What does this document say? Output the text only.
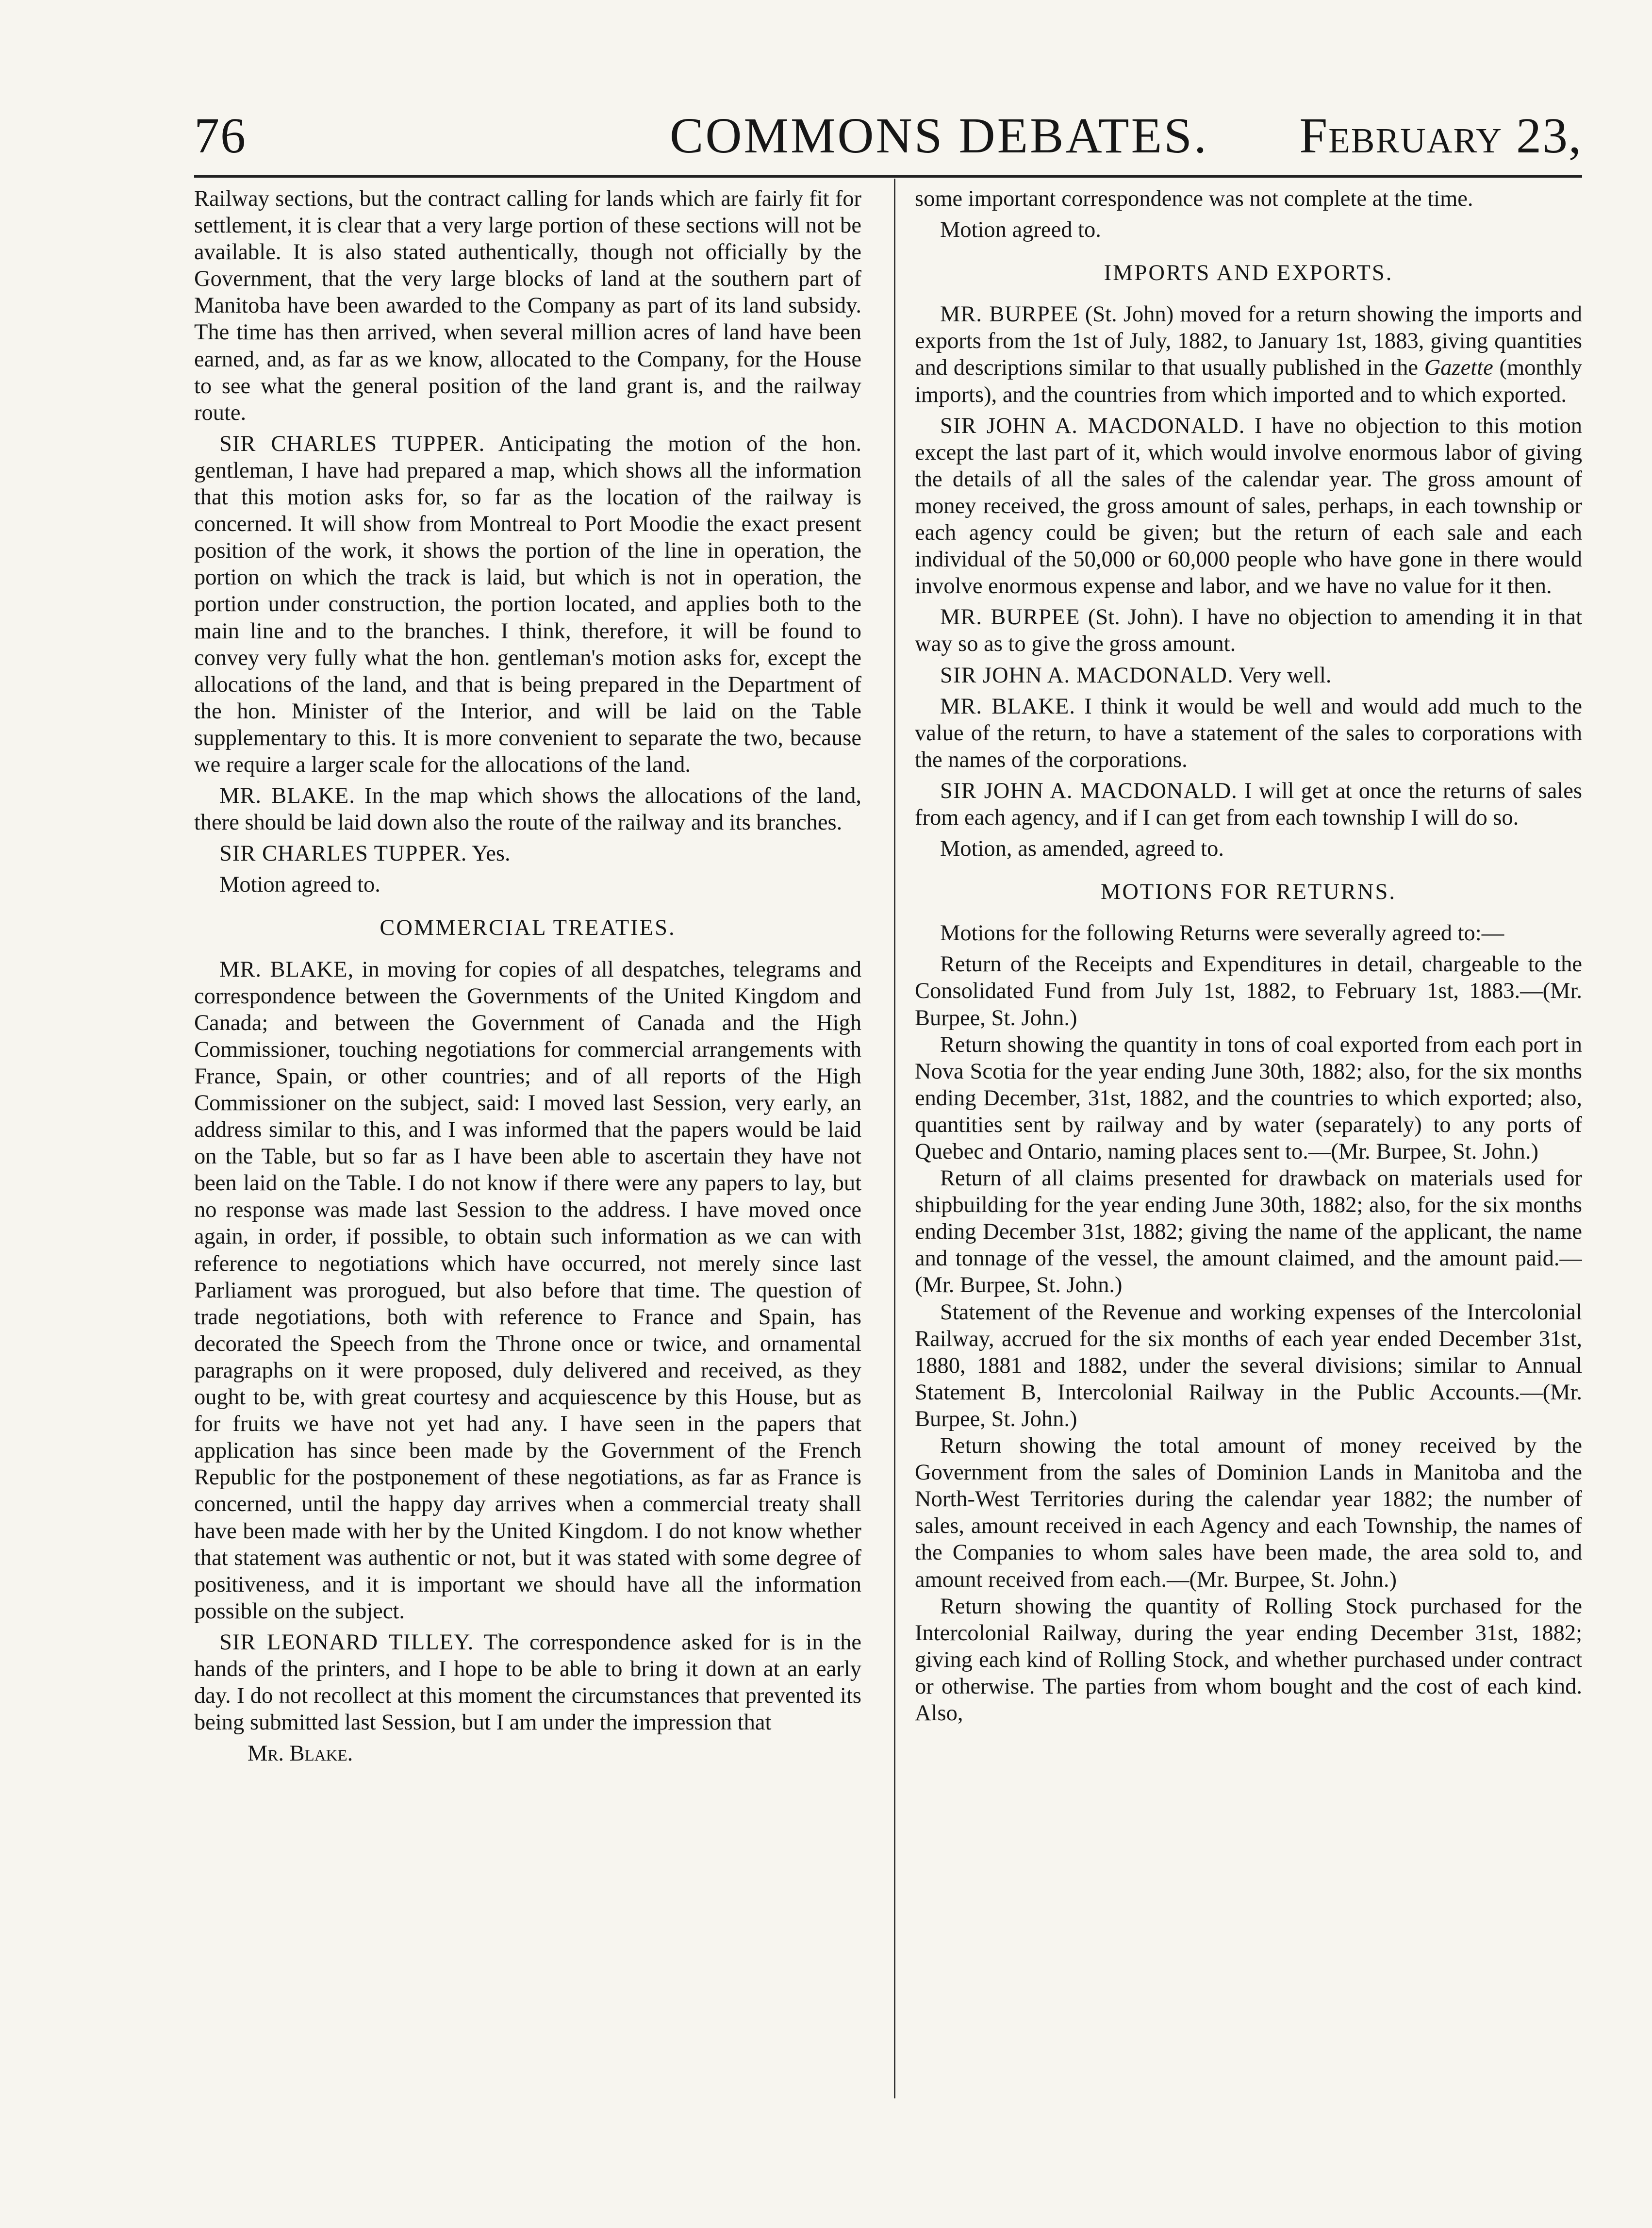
76	COMMONS DEBATES. February 23,

Railway sections, but the contract calling for lands which are fairly fit for settlement, it is clear that a very large portion of these sections will not be available. It is also stated authentically, though not officially by the Government, that the very large blocks of land at the southern part of Manitoba have been awarded to the Company as part of its land subsidy. The time has then arrived, when several million acres of land have been earned, and, as far as we know, allocated to the Company, for the House to see what the general position of the land grant is, and the railway route.

SIR CHARLES TUPPER. Anticipating the motion of the hon. gentleman, I have had prepared a map, which shows all the information that this motion asks for, so far as the location of the railway is concerned. It will show from Montreal to Port Moodie the exact present position of the work, it shows the portion of the line in operation, the portion on which the track is laid, but which is not in operation, the portion under construction, the portion located, and applies both to the main line and to the branches. I think, therefore, it will be found to convey very fully what the hon. gentleman's motion asks for, except the allocations of the land, and that is being prepared in the Department of the hon. Minister of the Interior, and will be laid on the Table supplementary to this. It is more convenient to separate the two, because we require a larger scale for the allocations of the land.

MR. BLAKE. In the map which shows the allocations of the land, there should be laid down also the route of the railway and its branches.

SIR CHARLES TUPPER. Yes.

Motion agreed to.

COMMERCIAL TREATIES.

MR. BLAKE, in moving for copies of all despatches, telegrams and correspondence between the Governments of the United Kingdom and Canada; and between the Government of Canada and the High Commissioner, touching negotiations for commercial arrangements with France, Spain, or other countries; and of all reports of the High Commissioner on the subject, said: I moved last Session, very early, an address similar to this, and I was informed that the papers would be laid on the Table, but so far as I have been able to ascertain they have not been laid on the Table. I do not know if there were any papers to lay, but no response was made last Session to the address. I have moved once again, in order, if possible, to obtain such information as we can with reference to negotiations which have occurred, not merely since last Parliament was prorogued, but also before that time. The question of trade negotiations, both with reference to France and Spain, has decorated the Speech from the Throne once or twice, and ornamental paragraphs on it were proposed, duly delivered and received, as they ought to be, with great courtesy and acquiescence by this House, but as for fruits we have not yet had any. I have seen in the papers that application has since been made by the Government of the French Republic for the postponement of these negotiations, as far as France is concerned, until the happy day arrives when a commercial treaty shall have been made with her by the United Kingdom. I do not know whether that statement was authentic or not, but it was stated with some degree of positiveness, and it is important we should have all the information possible on the subject.

SIR LEONARD TILLEY. The correspondence asked for is in the hands of the printers, and I hope to be able to bring it down at an early day. I do not recollect at this moment the circumstances that prevented its being submitted last Session, but I am under the impression that

Mr. Blake.

some important correspondence was not complete at the time.

Motion agreed to.

IMPORTS AND EXPORTS.

MR. BURPEE (St. John) moved for a return showing the imports and exports from the 1st of July, 1882, to January 1st, 1883, giving quantities and descriptions similar to that usually published in the Gazette (monthly imports), and the countries from which imported and to which exported.

SIR JOHN A. MACDONALD. I have no objection to this motion except the last part of it, which would involve enormous labor of giving the details of all the sales of the calendar year. The gross amount of money received, the gross amount of sales, perhaps, in each township or each agency could be given; but the return of each sale and each individual of the 50,000 or 60,000 people who have gone in there would involve enormous expense and labor, and we have no value for it then.

MR. BURPEE (St. John). I have no objection to amending it in that way so as to give the gross amount.

SIR JOHN A. MACDONALD. Very well.

MR. BLAKE. I think it would be well and would add much to the value of the return, to have a statement of the sales to corporations with the names of the corporations.

SIR JOHN A. MACDONALD. I will get at once the returns of sales from each agency, and if I can get from each township I will do so.

Motion, as amended, agreed to.

MOTIONS FOR RETURNS.

Motions for the following Returns were severally agreed to:—

Return of the Receipts and Expenditures in detail, chargeable to the Consolidated Fund from July 1st, 1882, to February 1st, 1883.—(Mr. Burpee, St. John.)

Return showing the quantity in tons of coal exported from each port in Nova Scotia for the year ending June 30th, 1882; also, for the six months ending December, 31st, 1882, and the countries to which exported; also, quantities sent by railway and by water (separately) to any ports of Quebec and Ontario, naming places sent to.—(Mr. Burpee, St. John.)

Return of all claims presented for drawback on materials used for shipbuilding for the year ending June 30th, 1882; also, for the six months ending December 31st, 1882; giving the name of the applicant, the name and tonnage of the vessel, the amount claimed, and the amount paid.—(Mr. Burpee, St. John.)

Statement of the Revenue and working expenses of the Intercolonial Railway, accrued for the six months of each year ended December 31st, 1880, 1881 and 1882, under the several divisions; similar to Annual Statement B, Intercolonial Railway in the Public Accounts.—(Mr. Burpee, St. John.)

Return showing the total amount of money received by the Government from the sales of Dominion Lands in Manitoba and the North-West Territories during the calendar year 1882; the number of sales, amount received in each Agency and each Township, the names of the Companies to whom sales have been made, the area sold to, and amount received from each.—(Mr. Burpee, St. John.)

Return showing the quantity of Rolling Stock purchased for the Intercolonial Railway, during the year ending December 31st, 1882; giving each kind of Rolling Stock, and whether purchased under contract or otherwise. The parties from whom bought and the cost of each kind. Also,
